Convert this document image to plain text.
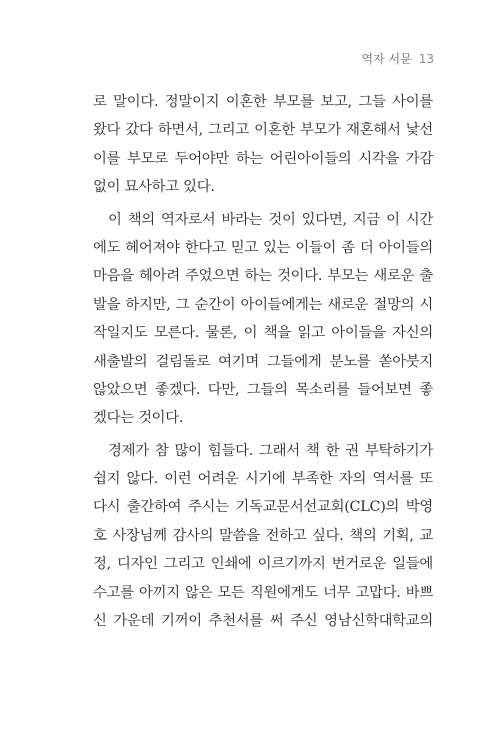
역자 서문 13
로 말이다. 정말이지 이혼한 부모를 보고, 그들 사이를
왔다 갔다 하면서, 그리고 이혼한 부모가 재혼해서 낯선
이를 부모로 두어야만 하는 어린아이들의 시각을 가감
없이 묘사하고 있다.
이 책의 역자로서 바라는 것이 있다면, 지금 이 시간
에도 헤어져야 한다고 믿고 있는 이들이 좀 더 아이들의
마음을 헤아려 주었으면 하는 것이다. 부모는 새로운 출
발을 하지만, 그 순간이 아이들에게는 새로운 절망의 시
작일지도 모른다. 물론, 이 책을 읽고 아이들을 자신의
새출발의 걸림돌로 여기며 그들에게 분노를 쏟아붓지
않았으면 좋겠다. 다만, 그들의 목소리를 들어보면 좋
겠다는 것이다.
경제가 참 많이 힘들다. 그래서 책 한 권 부탁하기가
쉽지 않다. 이런 어려운 시기에 부족한 자의 역서를 또
다시 출간하여 주시는 기독교문서선교회(CLC)의 박영
호 사장님께 감사의 말씀을 전하고 싶다. 책의 기획, 교
정, 디자인 그리고 인쇄에 이르기까지 번거로운 일들에
수고를 아끼지 않은 모든 직원에게도 너무 고맙다. 바쁘
신 가운데 기꺼이 추천서를 써 주신 영남신학대학교의
